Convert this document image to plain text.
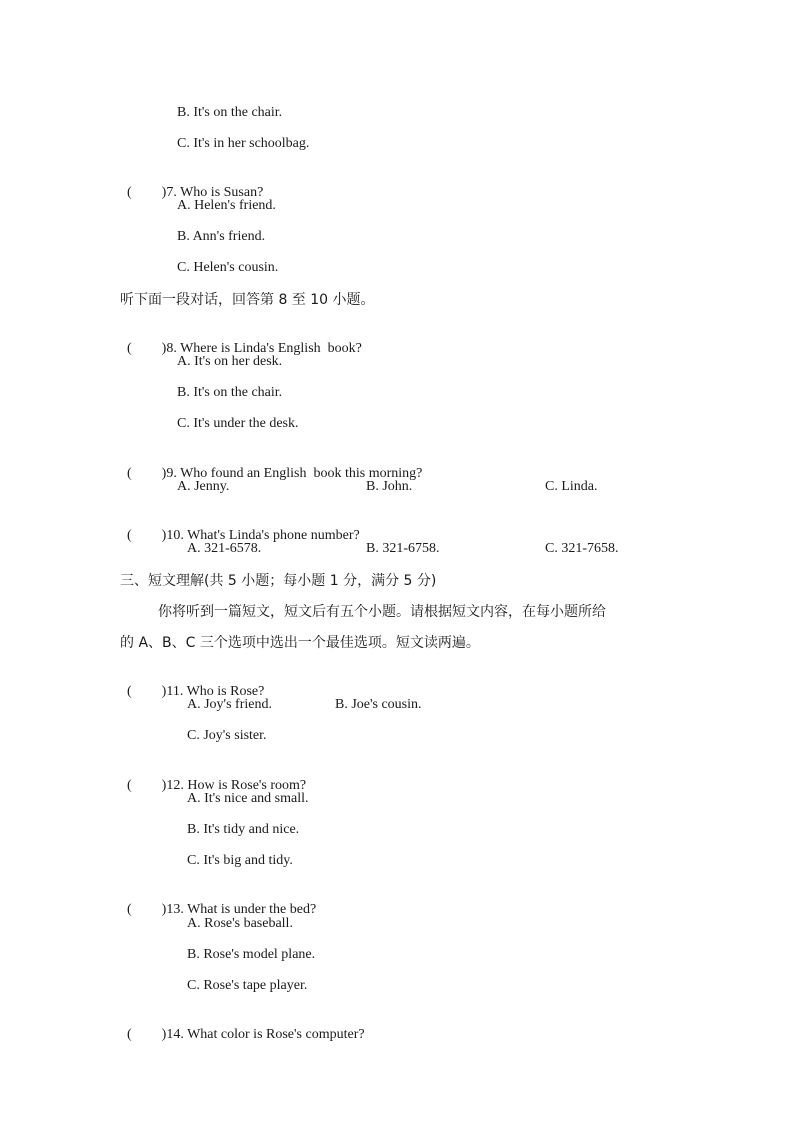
B. It's on the chair.
C. It's in her schoolbag.

( )7. Who is Susan?

A. Helen's friend.
B. Ann's friend.
C. Helen's cousin.
听下面一段对话，回答第 8 至 10 小题。

( )8. Where is Linda's English  book?

A. It's on her desk.
B. It's on the chair.
C. It's under the desk.

( )9. Who found an English  book this morning?

A. Jenny.	B. John.	C. Linda.

( )10. What's Linda's phone number?

A. 321-6578.	B. 321-6758.	C. 321-7658.
三、短文理解(共 5 小题；每小题 1 分，满分 5 分)
你将听到一篇短文，短文后有五个小题。请根据短文内容，在每小题所给
的 A、B、C 三个选项中选出一个最佳选项。短文读两遍。

( )11. Who is Rose?

A. Joy's friend.	B. Joe's cousin.
C. Joy's sister.

( )12. How is Rose's room?

A. It's nice and small.
B. It's tidy and nice.
C. It's big and tidy.

( )13. What is under the bed?

A. Rose's baseball.
B. Rose's model plane.
C. Rose's tape player.

( )14. What color is Rose's computer?
